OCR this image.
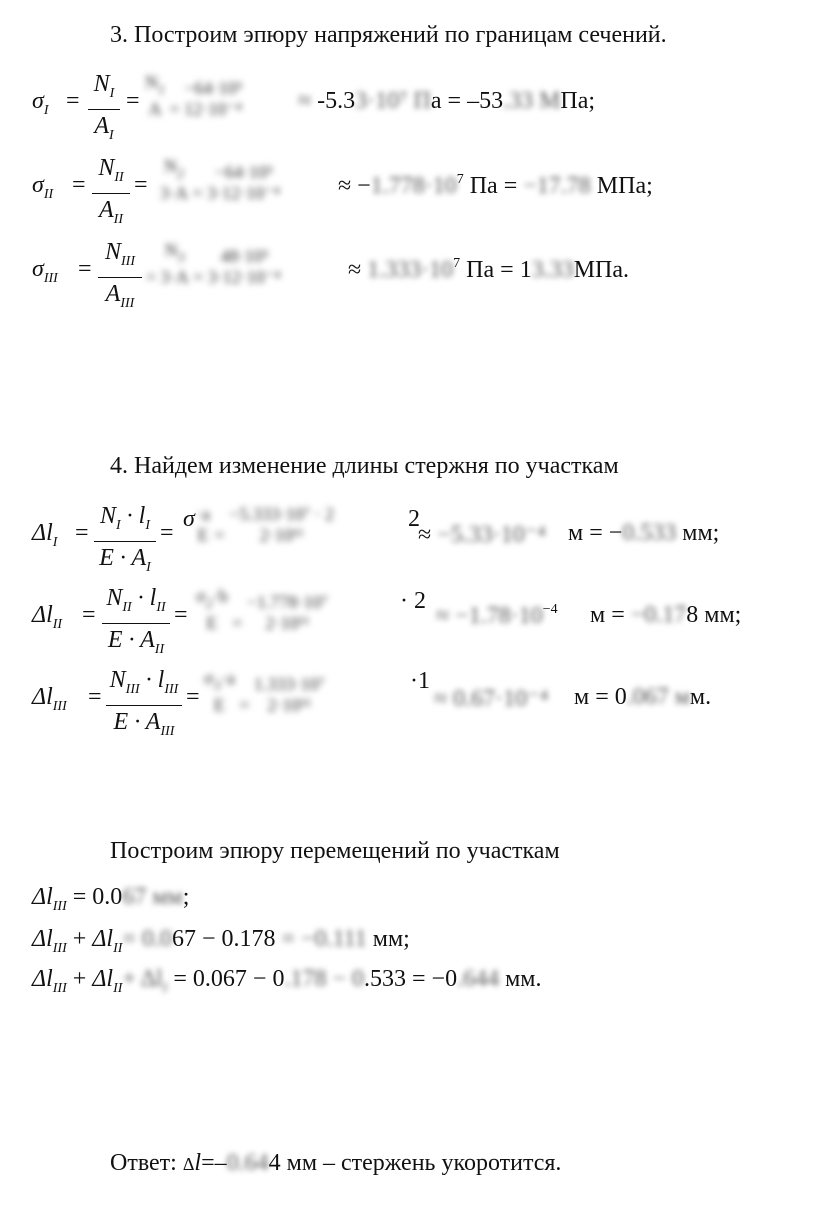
3. Построим эпюру напряжений по границам сечений.
$\sigma_I$ =
$N_I$
$A_I$
=
$N_1$
A = −64·10³
12·10⁻⁴ ≈ -5.33·10⁷ Па = –53.33 МПа;
$\sigma_{II}$ =
$N_{II}$
$A_{II}$
=
$N_2$
3·A = −64·10³
$3\cdot 12\cdot 10^{-4} \approx -1.778\cdot 10^7$ Па = −17.78 МПа;
$\sigma_{III}$ =
$N_{III}$
$A_{III}$
= $N_3$
3·A = 48·10³
3·12·10⁻⁴	≈ $1.333\cdot 10^7$ Па = 13.33МПа.
4. Найдем изменение длины стержня по участкам
$\Delta l_I$ =
$N_I \cdot l_I$
$E \cdot A_I$
=
σ ·a
E = −5.333·10⁷ · 2
2·10¹¹
2
≈ −5.33·10⁻⁴ м = −0.533 мм;
$\Delta l_{II}$ =
$N_{II} \cdot l_{II}$
$E \cdot A_{II}$
=
$\sigma_2\cdot b$
E = −1.778·10⁷
2·10¹¹
· 2
≈ $-1.78\cdot 10^{-4}$ м = −0.178 мм;
$\Delta l_{III}$ =
$N_{III} \cdot l_{III}$
$E \cdot A_{III}$
=
$\sigma_3\cdot a$
E = 1.333·10⁷
2·10¹¹
·1
≈ 0.67·10⁻⁴ м = 0.067 мм.
Построим эпюру перемещений по участкам
$\Delta l_{III} = 0.067$ мм;
$\Delta l_{III} + \Delta l_{II}= 0.067 - 0.178 = -0.111$ мм;
$\Delta l_{III} + \Delta l_{II}+ \Delta l_I = 0.067 - 0.178 - 0.533 = -0.644$ мм.
Ответ: Δl=–0.644 мм – стержень укоротится.
